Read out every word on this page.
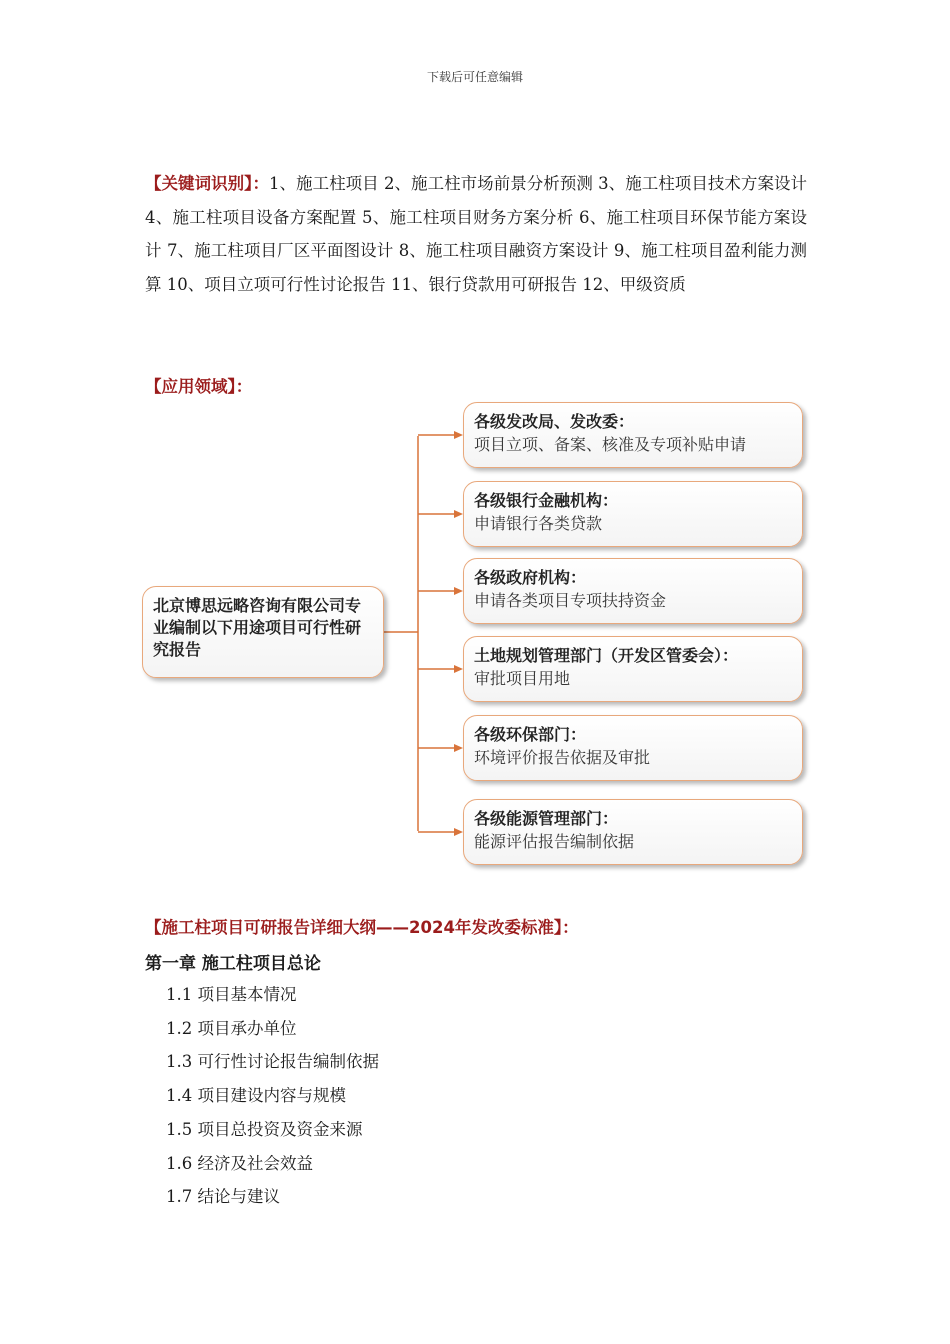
下载后可任意编辑
【关键词识别】：1、施工柱项目 2、施工柱市场前景分析预测 3、施工柱项目技术方案设计 4、施工柱项目设备方案配置 5、施工柱项目财务方案分析 6、施工柱项目环保节能方案设计 7、施工柱项目厂区平面图设计 8、施工柱项目融资方案设计 9、施工柱项目盈利能力测算 10、项目立项可行性讨论报告 11、银行贷款用可研报告 12、甲级资质
【应用领域】：
北京博思远略咨询有限公司专业编制以下用途项目可行性研究报告
各级发改局、发改委：
项目立项、备案、核准及专项补贴申请
各级银行金融机构：
申请银行各类贷款
各级政府机构：
申请各类项目专项扶持资金
土地规划管理部门（开发区管委会）：
审批项目用地
各级环保部门：
环境评价报告依据及审批
各级能源管理部门：
能源评估报告编制依据
【施工柱项目可研报告详细大纲——2024年发改委标准】：
第一章 施工柱项目总论
1.1 项目基本情况
1.2 项目承办单位
1.3 可行性讨论报告编制依据
1.4 项目建设内容与规模
1.5 项目总投资及资金来源
1.6 经济及社会效益
1.7 结论与建议
